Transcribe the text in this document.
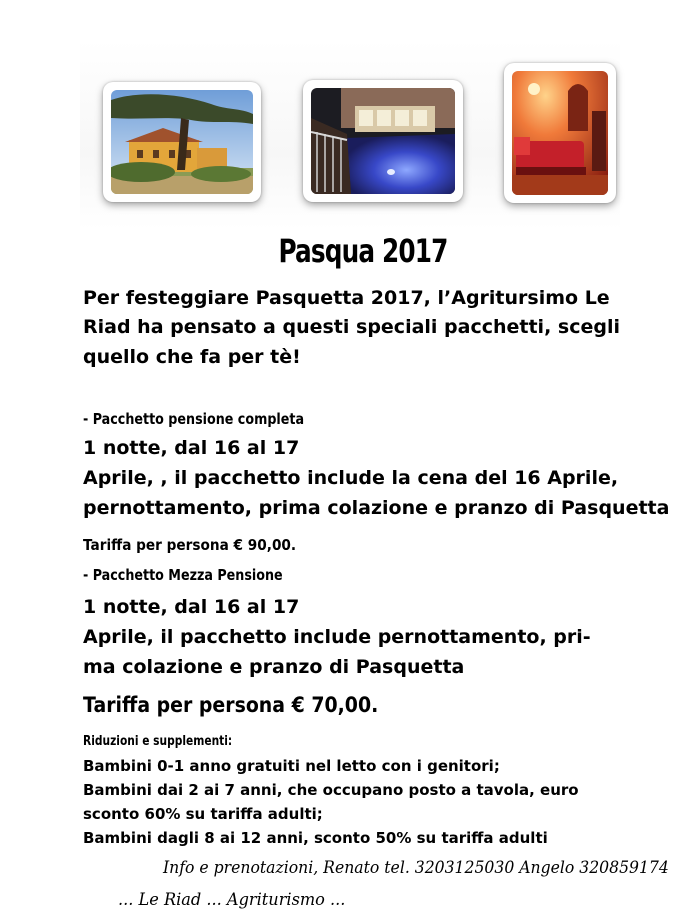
Pasqua 2017
Per festeggiare Pasquetta 2017, l’Agritursimo Le
Riad ha pensato a questi speciali pacchetti, scegli
quello che fa per tè!
- Pacchetto pensione completa
1 notte, dal 16 al 17
Aprile, , il pacchetto include la cena del 16 Aprile,
pernottamento, prima colazione e pranzo di Pasquetta
Tariffa per persona € 90,00.
- Pacchetto Mezza Pensione
1 notte, dal 16 al 17
Aprile, il pacchetto include pernottamento, pri-
ma colazione e pranzo di Pasquetta
Tariffa per persona € 70,00.
Riduzioni e supplementi:
Bambini 0-1 anno gratuiti nel letto con i genitori;
Bambini dai 2 ai 7 anni, che occupano posto a tavola, euro
sconto 60% su tariffa adulti;
Bambini dagli 8 ai 12 anni, sconto 50% su tariffa adulti
Info e prenotazioni, Renato tel. 3203125030 Angelo 320859174
... Le Riad ... Agriturismo ...
